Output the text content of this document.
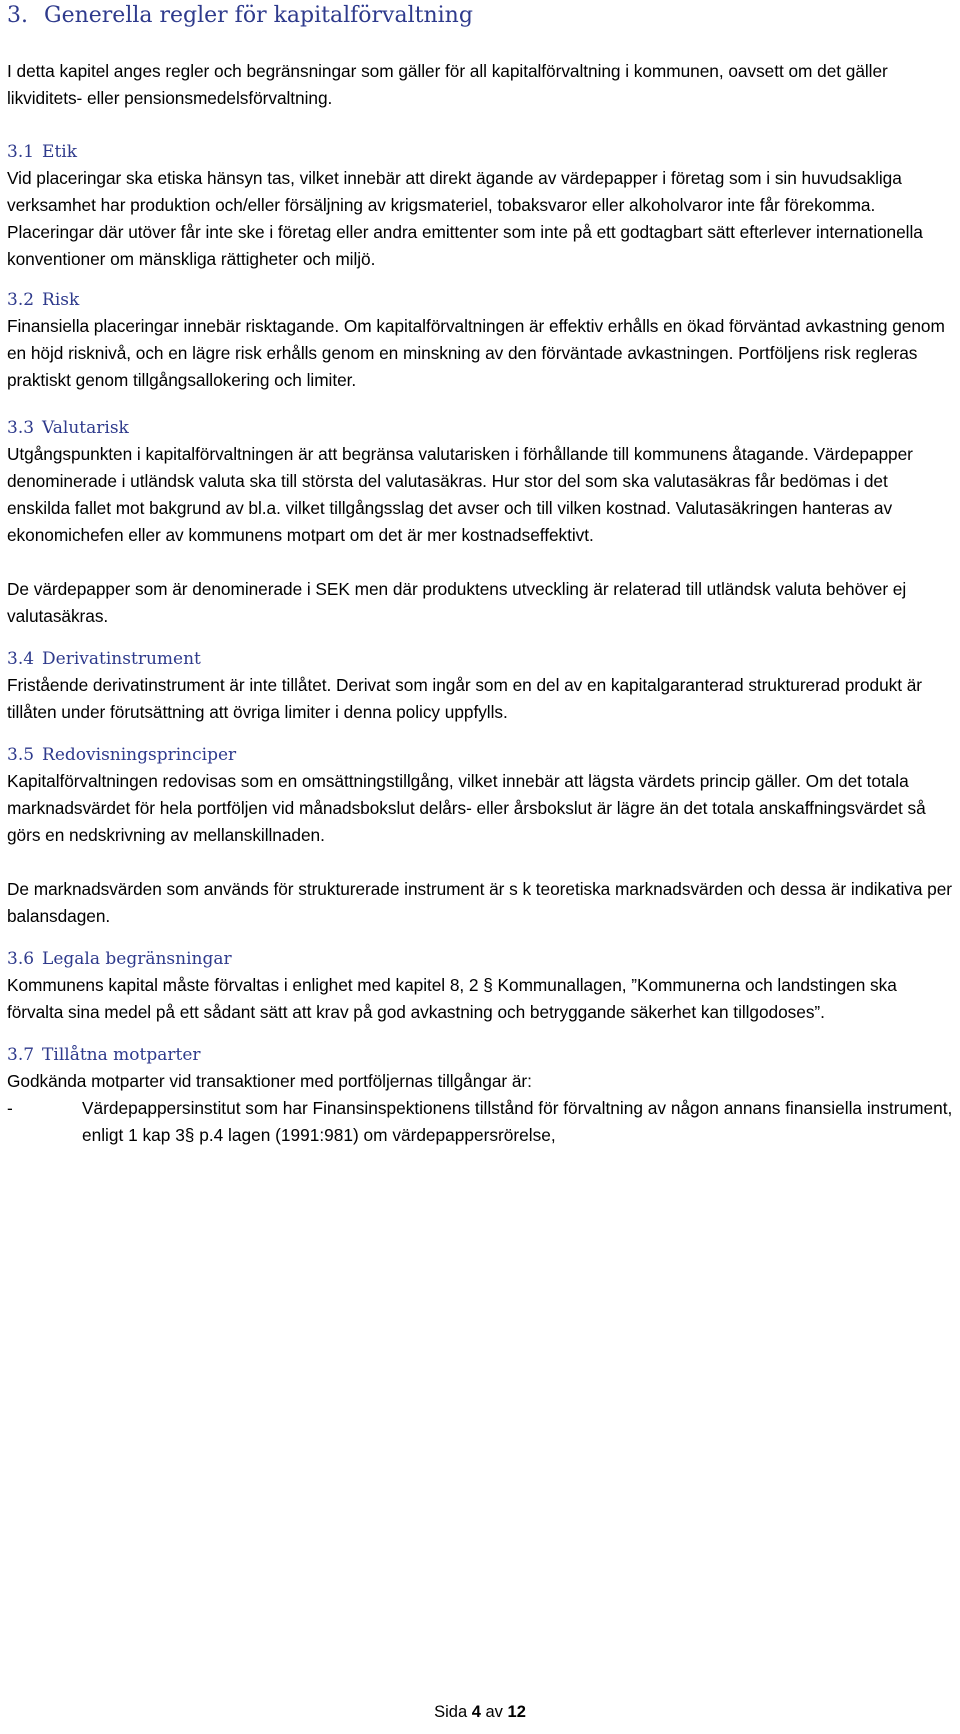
3. Generella regler för kapitalförvaltning

I detta kapitel anges regler och begränsningar som gäller för all kapitalförvaltning i kommunen, oavsett om det gäller likviditets- eller pensionsmedelsförvaltning.

3.1 Etik

Vid placeringar ska etiska hänsyn tas, vilket innebär att direkt ägande av värdepapper i företag som i sin huvudsakliga verksamhet har produktion och/eller försäljning av krigsmateriel, tobaksvaror eller alkoholvaror inte får förekomma. Placeringar där utöver får inte ske i företag eller andra emittenter som inte på ett godtagbart sätt efterlever internationella konventioner om mänskliga rättigheter och miljö.

3.2 Risk

Finansiella placeringar innebär risktagande. Om kapitalförvaltningen är effektiv erhålls en ökad förväntad avkastning genom en höjd risknivå, och en lägre risk erhålls genom en minskning av den förväntade avkastningen. Portföljens risk regleras praktiskt genom tillgångsallokering och limiter.

3.3 Valutarisk

Utgångspunkten i kapitalförvaltningen är att begränsa valutarisken i förhållande till kommunens åtagande. Värdepapper denominerade i utländsk valuta ska till största del valutasäkras. Hur stor del som ska valutasäkras får bedömas i det enskilda fallet mot bakgrund av bl.a. vilket tillgångsslag det avser och till vilken kostnad. Valutasäkringen hanteras av ekonomichefen eller av kommunens motpart om det är mer kostnadseffektivt.

De värdepapper som är denominerade i SEK men där produktens utveckling är relaterad till utländsk valuta behöver ej valutasäkras.

3.4 Derivatinstrument

Fristående derivatinstrument är inte tillåtet. Derivat som ingår som en del av en kapitalgaranterad strukturerad produkt är tillåten under förutsättning att övriga limiter i denna policy uppfylls.

3.5 Redovisningsprinciper

Kapitalförvaltningen redovisas som en omsättningstillgång, vilket innebär att lägsta värdets princip gäller. Om det totala marknadsvärdet för hela portföljen vid månadsbokslut delårs- eller årsbokslut är lägre än det totala anskaffningsvärdet så görs en nedskrivning av mellanskillnaden.

De marknadsvärden som används för strukturerade instrument är s k teoretiska marknadsvärden och dessa är indikativa per balansdagen.

3.6 Legala begränsningar

Kommunens kapital måste förvaltas i enlighet med kapitel 8, 2 § Kommunallagen, ”Kommunerna och landstingen ska förvalta sina medel på ett sådant sätt att krav på god avkastning och betryggande säkerhet kan tillgodoses”.

3.7 Tillåtna motparter

Godkända motparter vid transaktioner med portföljernas tillgångar är:

-	Värdepappersinstitut som har Finansinspektionens tillstånd för förvaltning av någon annans finansiella instrument, enligt 1 kap 3§ p.4 lagen (1991:981) om värdepappersrörelse,
Sida 4 av 12
